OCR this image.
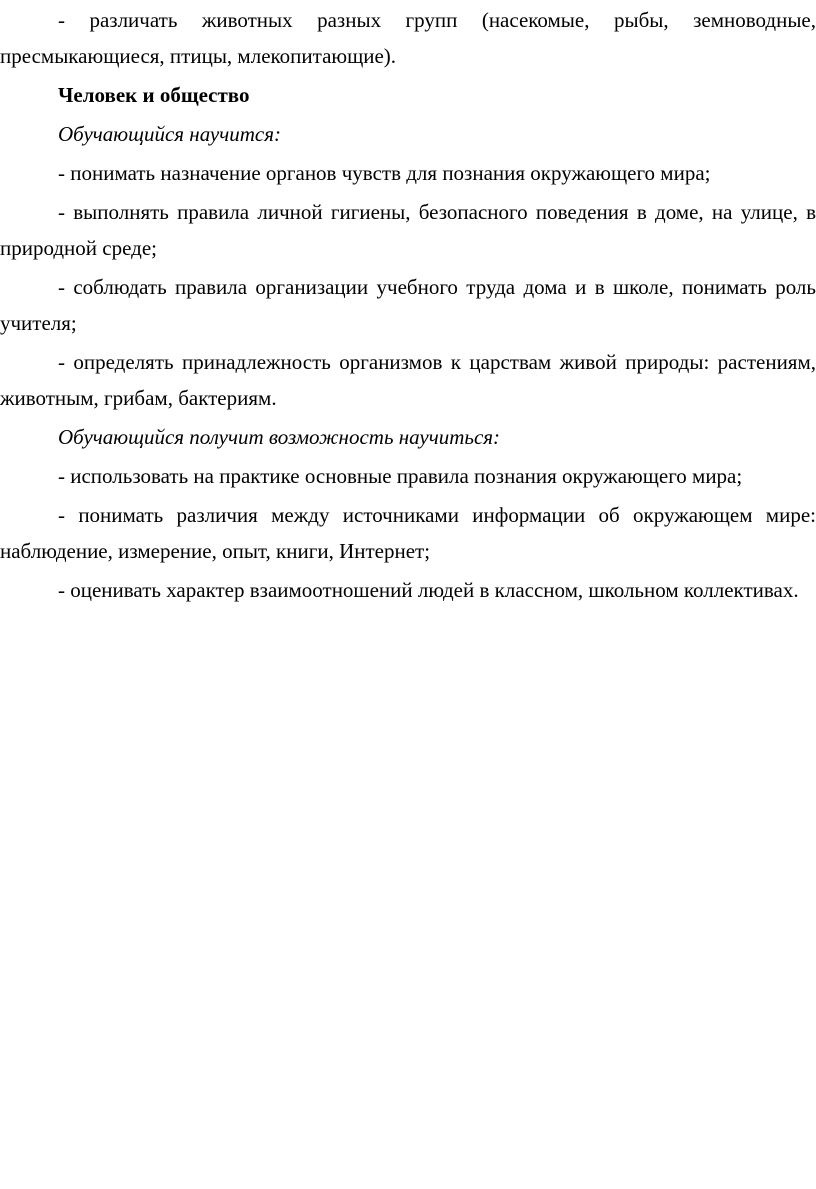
- различать животных разных групп (насекомые, рыбы, земноводные, пресмыкающиеся, птицы, млекопитающие).

Человек и общество

Обучающийся научится:

- понимать назначение органов чувств для познания окружающего мира;

- выполнять правила личной гигиены, безопасного поведения в доме, на улице, в природной среде;

- соблюдать правила организации учебного труда дома и в школе, понимать роль учителя;

- определять принадлежность организмов к царствам живой природы: растениям, животным, грибам, бактериям.

Обучающийся получит возможность научиться:

- использовать на практике основные правила познания окружающего мира;

- понимать различия между источниками информации об окружающем мире: наблюдение, измерение, опыт, книги, Интернет;

- оценивать характер взаимоотношений людей в классном, школьном коллективах.
